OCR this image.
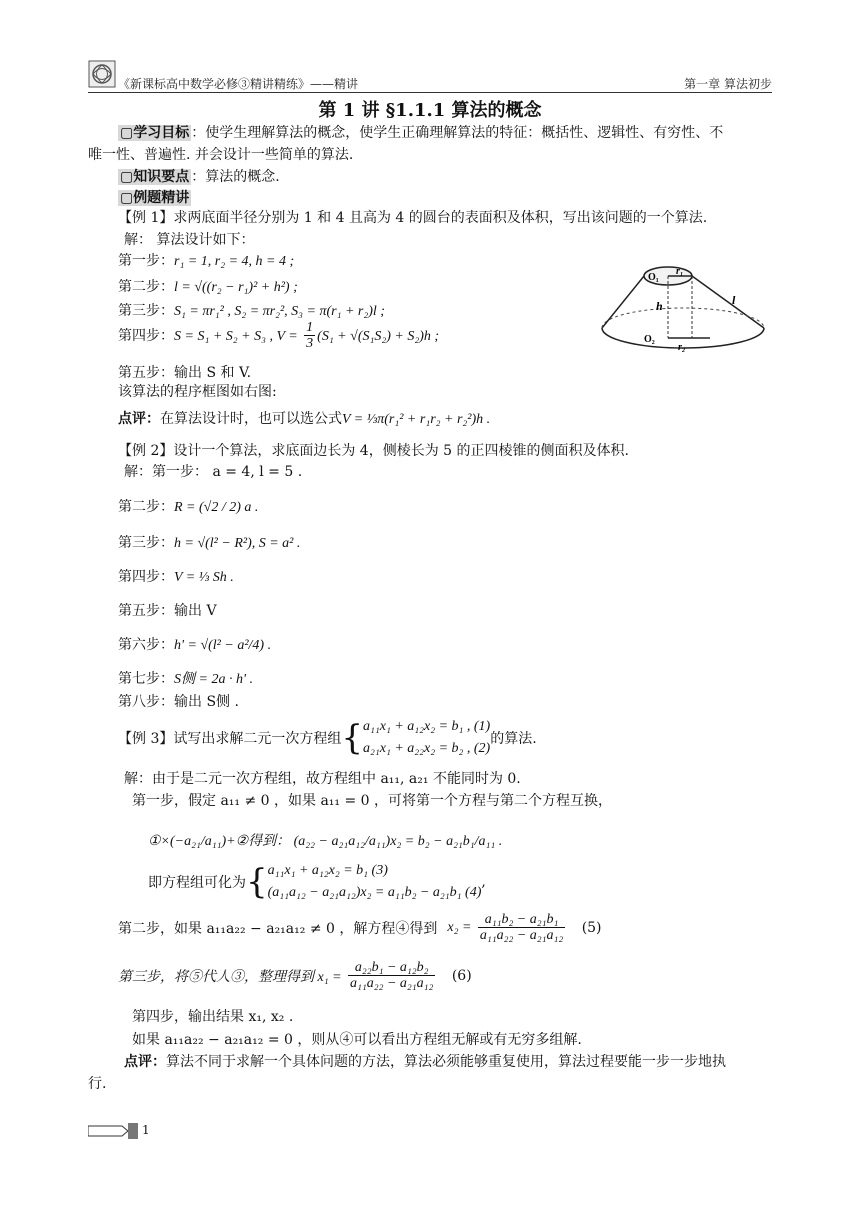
《新课标高中数学必修③精讲精练》——精讲	第一章 算法初步
第 1 讲 §1.1.1 算法的概念
▢学习目标 ：使学生理解算法的概念，使学生正确理解算法的特征：概括性、逻辑性、有穷性、不
唯一性、普遍性. 并会设计一些简单的算法.
▢知识要点 ：算法的概念.
▢例题精讲
【例 1】求两底面半径分别为 1 和 4 且高为 4 的圆台的表面积及体积，写出该问题的一个算法.
解： 算法设计如下：
第一步：r₁ = 1, r₂ = 4, h = 4 ;
第二步：l = √((r₂ − r₁)² + h²) ;
第三步：S₁ = πr₁² , S₂ = πr₂², S₃ = π(r₁ + r₂)l ;
第四步：S = S₁ + S₂ + S₃ , $V = \frac{1}{3} (S_1 + √(S_1S_2) + S_2)h$ ;
第五步：输出 S 和 V.
该算法的程序框图如右图:
点评：在算法设计时，也可以选公式V = ⅓π(r₁² + r₁r₂ + r₂²)h .
O₁
r₁
h	l
O₂
r₂
【例 2】设计一个算法，求底面边长为 4，侧棱长为 5 的正四棱锥的侧面积及体积.
解：第一步： a = 4, l = 5 .
第二步：R = (√2 / 2) a .
第三步：h = √(l² − R²), S = a² .
第四步：V = ⅓ Sh .
第五步：输出 V
第六步：h' = √(l² − a²/4) .
第七步：S侧 = 2a · h' .
第八步：输出 S侧 .
【例 3】试写出求解二元一次方程组{ a₁₁x₁ + a₁₂x₂ = b₁ , (1)
a₂₁x₁ + a₂₂x₂ = b₂ , (2)
的算法.
解：由于是二元一次方程组，故方程组中 a₁₁, a₂₁ 不能同时为 0.
第一步，假定 a₁₁ ≠ 0 ，如果 a₁₁ = 0 ，可将第一个方程与第二个方程互换，
①×(−a₂₁/a₁₁)+②得到： (a₂₂ − a₂₁a₁₂/a₁₁)x₂ = b₂ − a₂₁b₁/a₁₁ .
即方程组可化为{ a₁₁x₁ + a₁₂x₂ = b₁ (3)
(a₁₁a₁₂ − a₂₁a₁₂)x₂ = a₁₁b₂ − a₂₁b₁ (4)
,
第二步，如果 a₁₁a₂₂ − a₂₁a₁₂ ≠ 0 ，解方程④得到 $x_2 = \frac{\text{a₁₁b₂ − a₂₁b₁}}{\text{a₁₁a₂₂ − a₂₁a₁₂}} (5)$
第三步，将⑤代人③，整理得到 $x_1 = \frac{\text{a₂₂b₁ − a₁₂b₂}}{\text{a₁₁a₂₂ − a₂₁a₁₂}} (6)$
第四步，输出结果 x₁, x₂ .
如果 a₁₁a₂₂ − a₂₁a₁₂ = 0 ，则从④可以看出方程组无解或有无穷多组解.
点评：算法不同于求解一个具体问题的方法，算法必须能够重复使用，算法过程要能一步一步地执
行.
1
